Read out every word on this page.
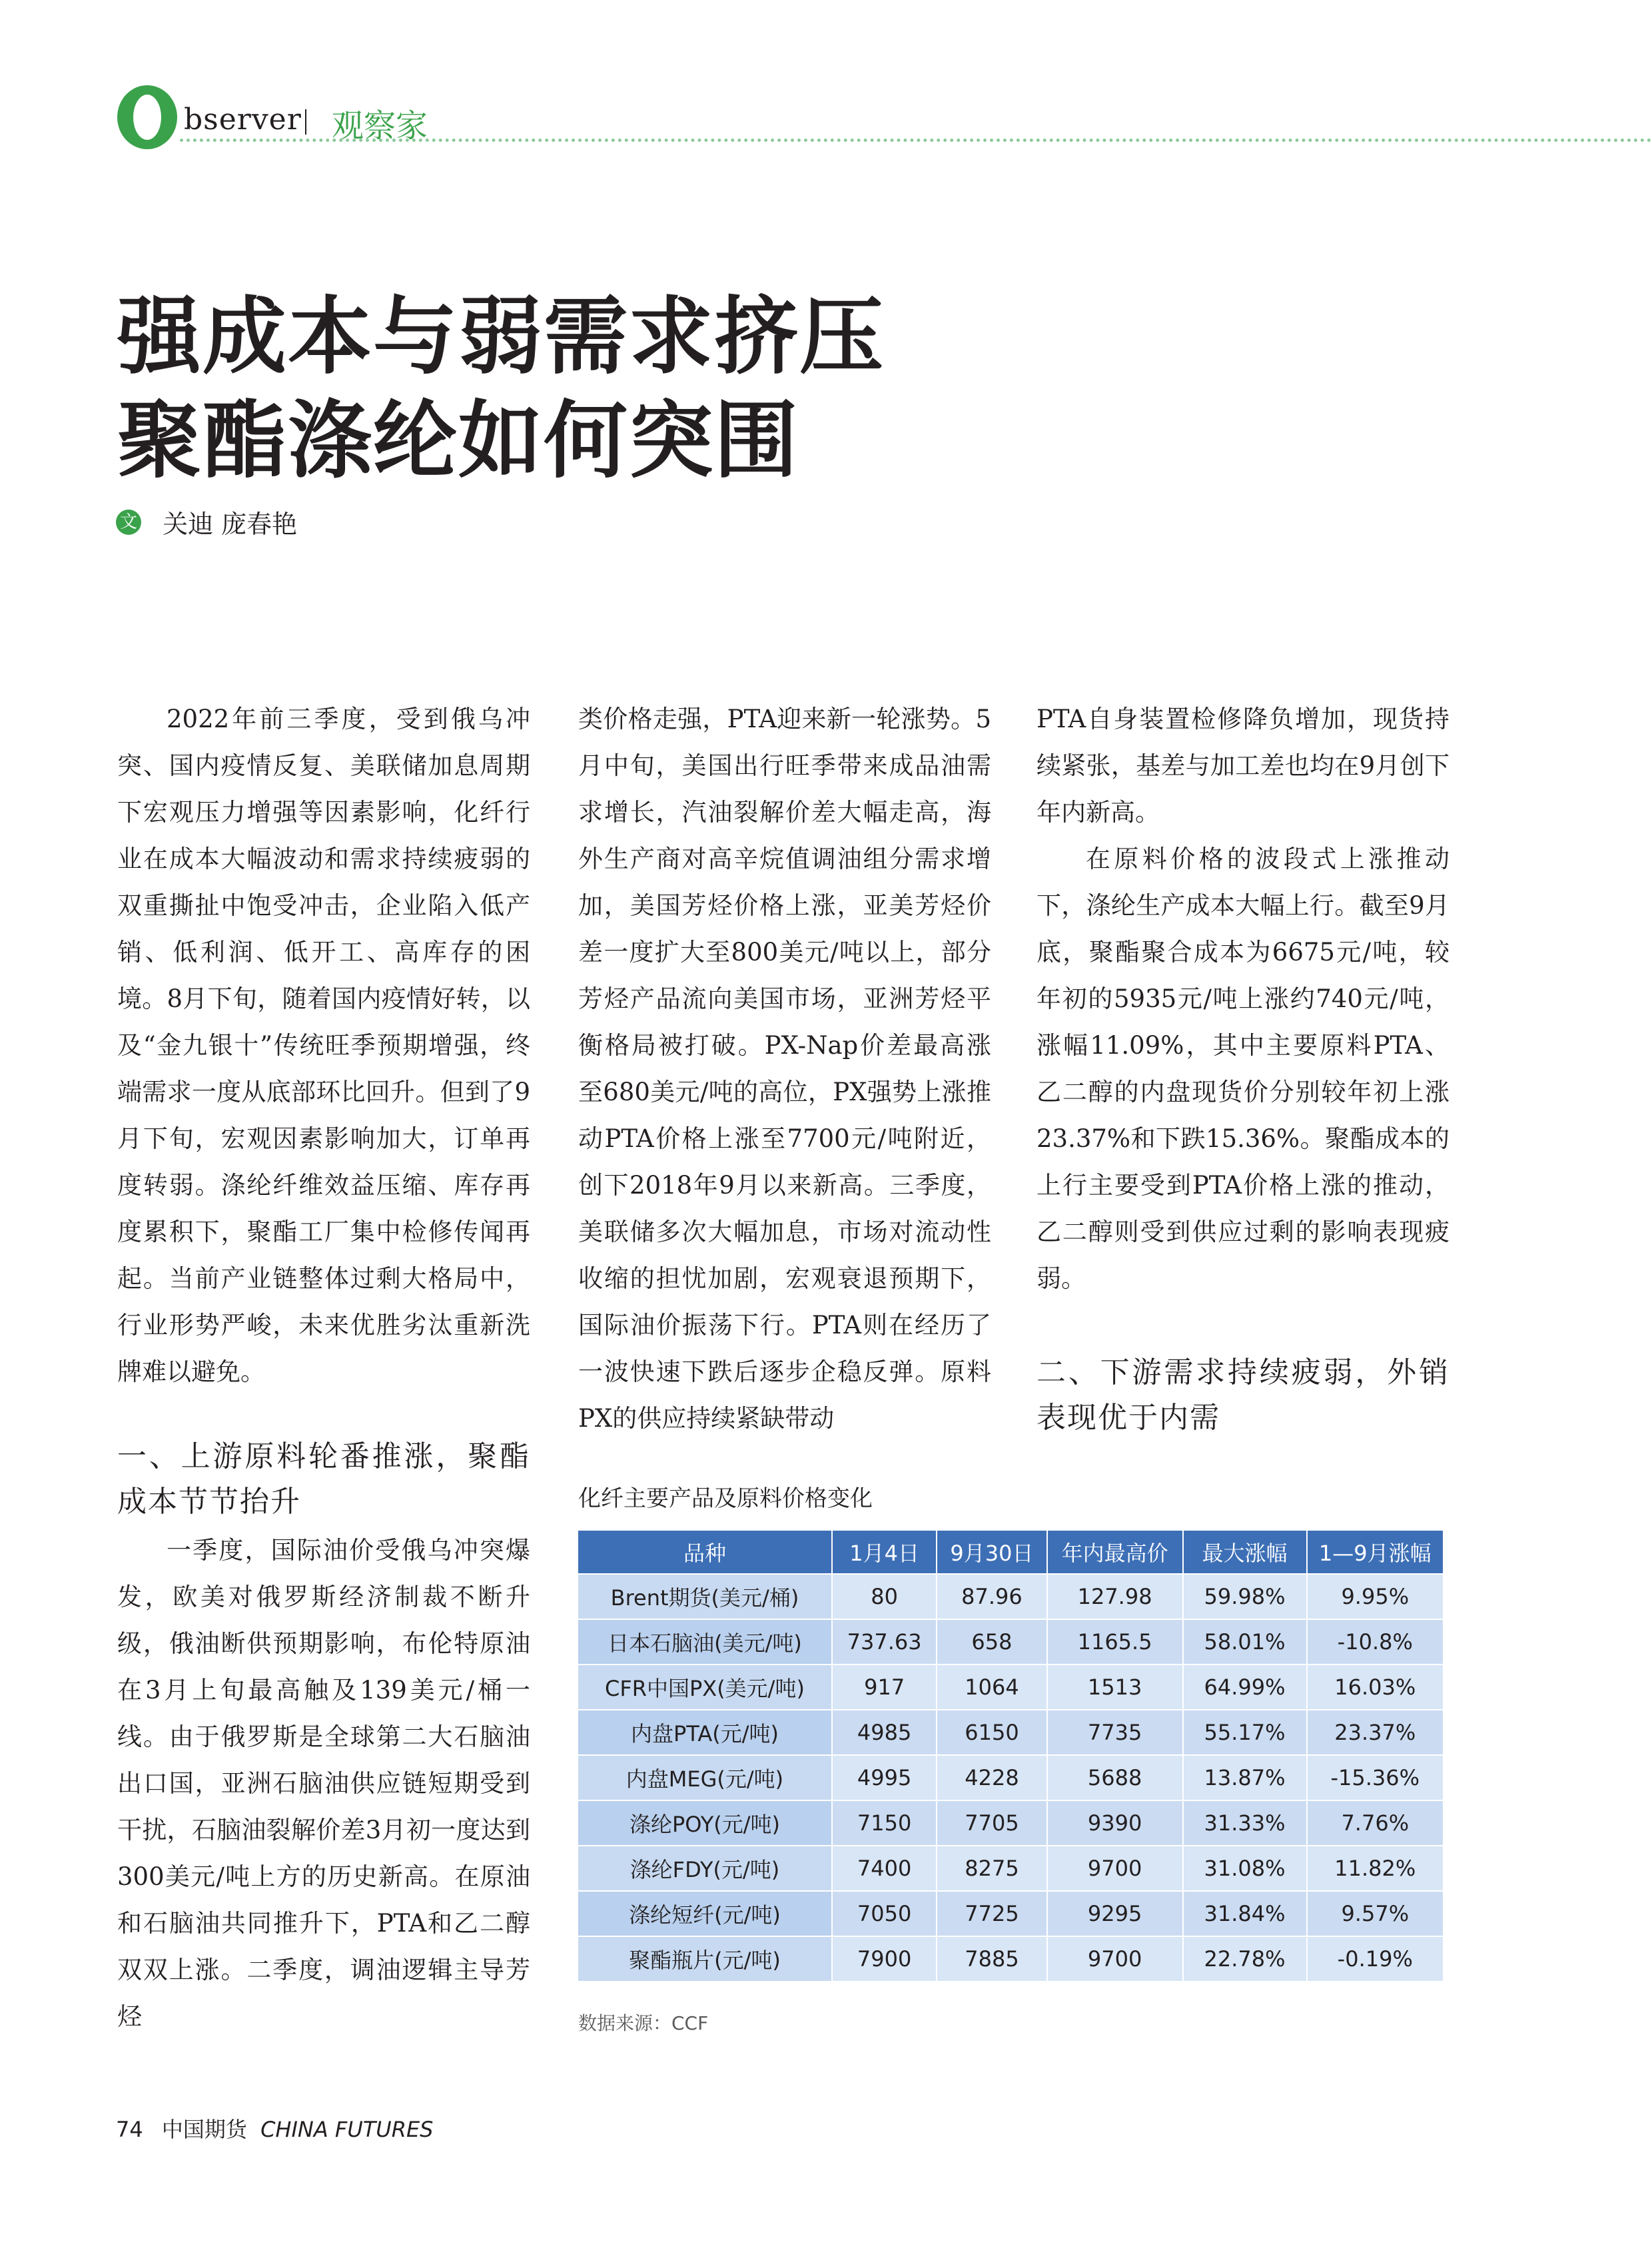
bserver 观察家
强成本与弱需求挤压
聚酯涤纶如何突围
文 关迪 庞春艳

2022年前三季度，受到俄乌冲突、国内疫情反复、美联储加息周期下宏观压力增强等因素影响，化纤行业在成本大幅波动和需求持续疲弱的双重撕扯中饱受冲击，企业陷入低产销、低利润、低开工、高库存的困境。8月下旬，随着国内疫情好转，以及“金九银十”传统旺季预期增强，终端需求一度从底部环比回升。但到了9月下旬，宏观因素影响加大，订单再度转弱。涤纶纤维效益压缩、库存再度累积下，聚酯工厂集中检修传闻再起。当前产业链整体过剩大格局中，行业形势严峻，未来优胜劣汰重新洗牌难以避免。

一、上游原料轮番推涨，聚酯成本节节抬升

一季度，国际油价受俄乌冲突爆发，欧美对俄罗斯经济制裁不断升级，俄油断供预期影响，布伦特原油在3月上旬最高触及139美元/桶一线。由于俄罗斯是全球第二大石脑油出口国，亚洲石脑油供应链短期受到干扰，石脑油裂解价差3月初一度达到300美元/吨上方的历史新高。在原油和石脑油共同推升下，PTA和乙二醇双双上涨。二季度，调油逻辑主导芳烃

类价格走强，PTA迎来新一轮涨势。5月中旬，美国出行旺季带来成品油需求增长，汽油裂解价差大幅走高，海外生产商对高辛烷值调油组分需求增加，美国芳烃价格上涨，亚美芳烃价差一度扩大至800美元/吨以上，部分芳烃产品流向美国市场，亚洲芳烃平衡格局被打破。PX-Nap价差最高涨至680美元/吨的高位，PX强势上涨推动PTA价格上涨至7700元/吨附近，创下2018年9月以来新高。三季度，美联储多次大幅加息，市场对流动性收缩的担忧加剧，宏观衰退预期下，国际油价振荡下行。PTA则在经历了一波快速下跌后逐步企稳反弹。原料PX的供应持续紧缺带动

PTA自身装置检修降负增加，现货持续紧张，基差与加工差也均在9月创下年内新高。

在原料价格的波段式上涨推动下，涤纶生产成本大幅上行。截至9月底，聚酯聚合成本为6675元/吨，较年初的5935元/吨上涨约740元/吨，涨幅11.09%，其中主要原料PTA、乙二醇的内盘现货价分别较年初上涨23.37%和下跌15.36%。聚酯成本的上行主要受到PTA价格上涨的推动，乙二醇则受到供应过剩的影响表现疲弱。

二、下游需求持续疲弱，外销表现优于内需
化纤主要产品及原料价格变化
品种	1月4日	9月30日	年内最高价	最大涨幅	1—9月涨幅
Brent期货(美元/桶)	80	87.96	127.98	59.98%	9.95%
日本石脑油(美元/吨)	737.63	658	1165.5	58.01%	-10.8%
CFR中国PX(美元/吨)	917	1064	1513	64.99%	16.03%
内盘PTA(元/吨)	4985	6150	7735	55.17%	23.37%
内盘MEG(元/吨)	4995	4228	5688	13.87%	-15.36%
涤纶POY(元/吨)	7150	7705	9390	31.33%	7.76%
涤纶FDY(元/吨)	7400	8275	9700	31.08%	11.82%
涤纶短纤(元/吨)	7050	7725	9295	31.84%	9.57%
聚酯瓶片(元/吨)	7900	7885	9700	22.78%	-0.19%
数据来源：CCF
74 中国期货 CHINA FUTURES
